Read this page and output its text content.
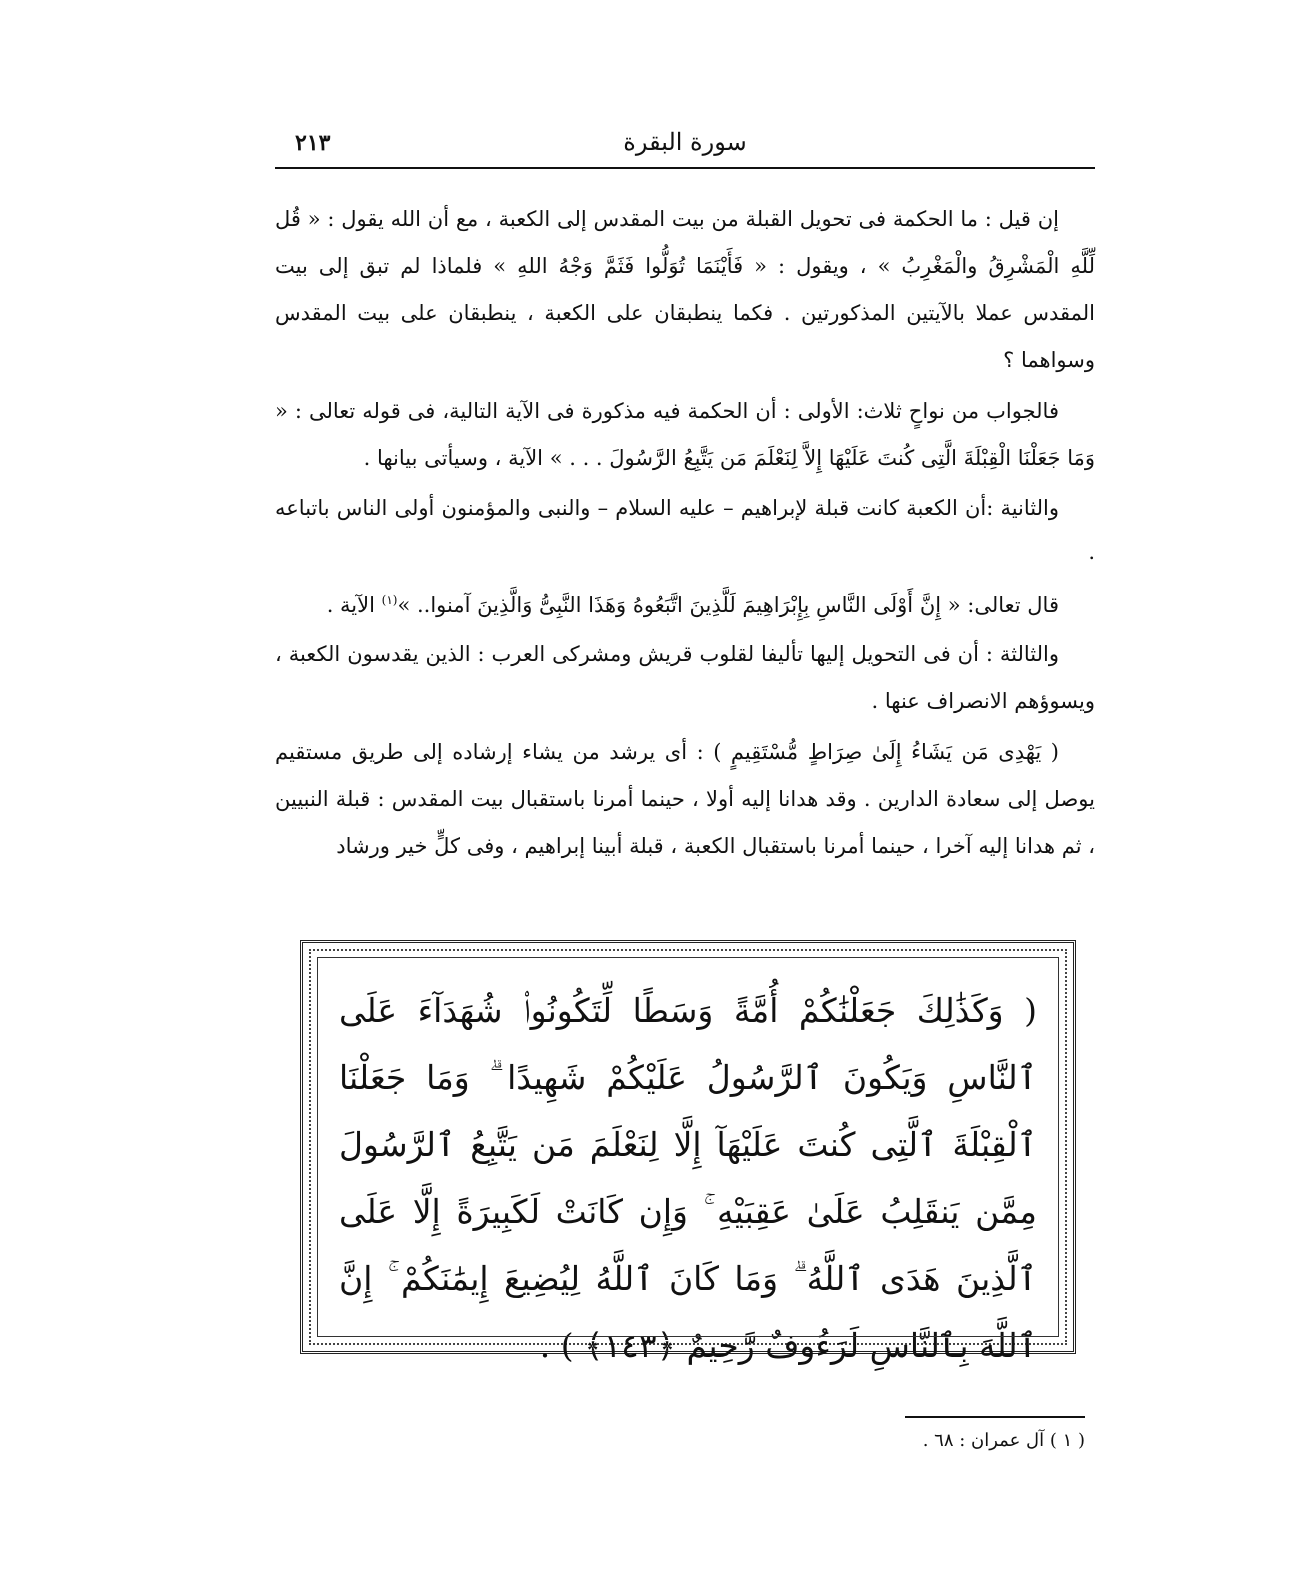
٢١٣	سورة البقرة

إن قيل : ما الحكمة فى تحويل القبلة من بيت المقدس إلى الكعبة ، مع أن الله يقول : « قُل لِّلَّهِ الْمَشْرِقُ والْمَغْرِبُ » ، ويقول : « فَأَيْنَمَا تُوَلُّوا فَثَمَّ وَجْهُ اللهِ » فلماذا لم تبق إلى بيت المقدس عملا بالآيتين المذكورتين . فكما ينطبقان على الكعبة ، ينطبقان على بيت المقدس وسواهما ؟

فالجواب من نواحٍ ثلاث: الأولى : أن الحكمة فيه مذكورة فى الآية التالية، فى قوله تعالى : « وَمَا جَعَلْنَا الْقِبْلَةَ الَّتِى كُنتَ عَلَيْهَا إِلاَّ لِنَعْلَمَ مَن يَتَّبِعُ الرَّسُولَ . . . » الآية ، وسيأتى بيانها .

والثانية :أن الكعبة كانت قبلة لإبراهيم – عليه السلام – والنبى والمؤمنون أولى الناس باتباعه .

قال تعالى: « إِنَّ أَوْلَى النَّاسِ بِإِبْرَاهِيمَ لَلَّذِينَ اتَّبَعُوهُ وَهَذَا النَّبِىُّ وَالَّذِينَ آمنوا.. »$^{(١)}$ الآية .

والثالثة : أن فى التحويل إليها تأليفا لقلوب قريش ومشركى العرب : الذين يقدسون الكعبة ، ويسوؤهم الانصراف عنها .

( يَهْدِى مَن يَشَاءُ إِلَىٰ صِرَاطٍ مُّسْتَقِيمٍ ) : أى يرشد من يشاء إرشاده إلى طريق مستقيم يوصل إلى سعادة الدارين . وقد هدانا إليه أولا ، حينما أمرنا باستقبال بيت المقدس : قبلة النبيين ، ثم هدانا إليه آخرا ، حينما أمرنا باستقبال الكعبة ، قبلة أبينا إبراهيم ، وفى كلٍّ خير ورشاد

( وَكَذَٰلِكَ جَعَلْنَٰكُمْ أُمَّةً وَسَطًا لِّتَكُونُوا۟ شُهَدَآءَ عَلَى ٱلنَّاسِ وَيَكُونَ ٱلرَّسُولُ عَلَيْكُمْ شَهِيدًا ۗ وَمَا جَعَلْنَا ٱلْقِبْلَةَ ٱلَّتِى كُنتَ عَلَيْهَآ إِلَّا لِنَعْلَمَ مَن يَتَّبِعُ ٱلرَّسُولَ مِمَّن يَنقَلِبُ عَلَىٰ عَقِبَيْهِ ۚ وَإِن كَانَتْ لَكَبِيرَةً إِلَّا عَلَى ٱلَّذِينَ هَدَى ٱللَّهُ ۗ وَمَا كَانَ ٱللَّهُ لِيُضِيعَ إِيمَٰنَكُمْ ۚ إِنَّ ٱللَّهَ بِٱلنَّاسِ لَرَءُوفٌ رَّحِيمٌ ﴿١٤٣﴾ ) .
( ١ ) آل عمران : ٦٨ .
